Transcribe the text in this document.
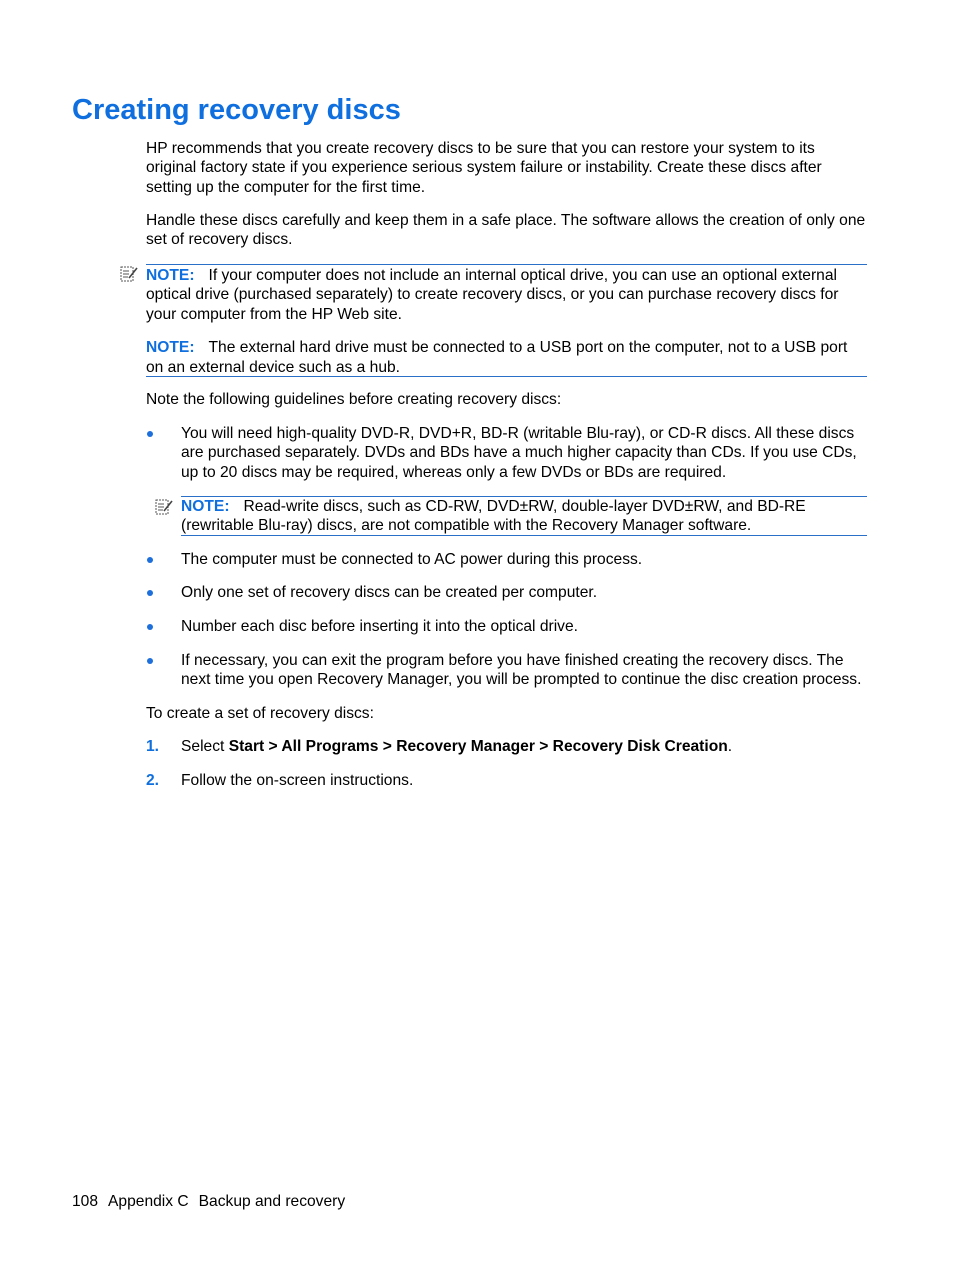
Creating recovery discs

HP recommends that you create recovery discs to be sure that you can restore your system to its original factory state if you experience serious system failure or instability. Create these discs after setting up the computer for the first time.

Handle these discs carefully and keep them in a safe place. The software allows the creation of only one set of recovery discs.

NOTE: If your computer does not include an internal optical drive, you can use an optional external optical drive (purchased separately) to create recovery discs, or you can purchase recovery discs for your computer from the HP Web site.

NOTE: The external hard drive must be connected to a USB port on the computer, not to a USB port on an external device such as a hub.

Note the following guidelines before creating recovery discs:

You will need high-quality DVD-R, DVD+R, BD-R (writable Blu-ray), or CD-R discs. All these discs are purchased separately. DVDs and BDs have a much higher capacity than CDs. If you use CDs, up to 20 discs may be required, whereas only a few DVDs or BDs are required.

NOTE: Read-write discs, such as CD-RW, DVD±RW, double-layer DVD±RW, and BD-RE (rewritable Blu-ray) discs, are not compatible with the Recovery Manager software.

The computer must be connected to AC power during this process.

Only one set of recovery discs can be created per computer.

Number each disc before inserting it into the optical drive.

If necessary, you can exit the program before you have finished creating the recovery discs. The next time you open Recovery Manager, you will be prompted to continue the disc creation process.

To create a set of recovery discs:

1. Select Start > All Programs > Recovery Manager > Recovery Disk Creation.

2. Follow the on-screen instructions.

108 Appendix C Backup and recovery
